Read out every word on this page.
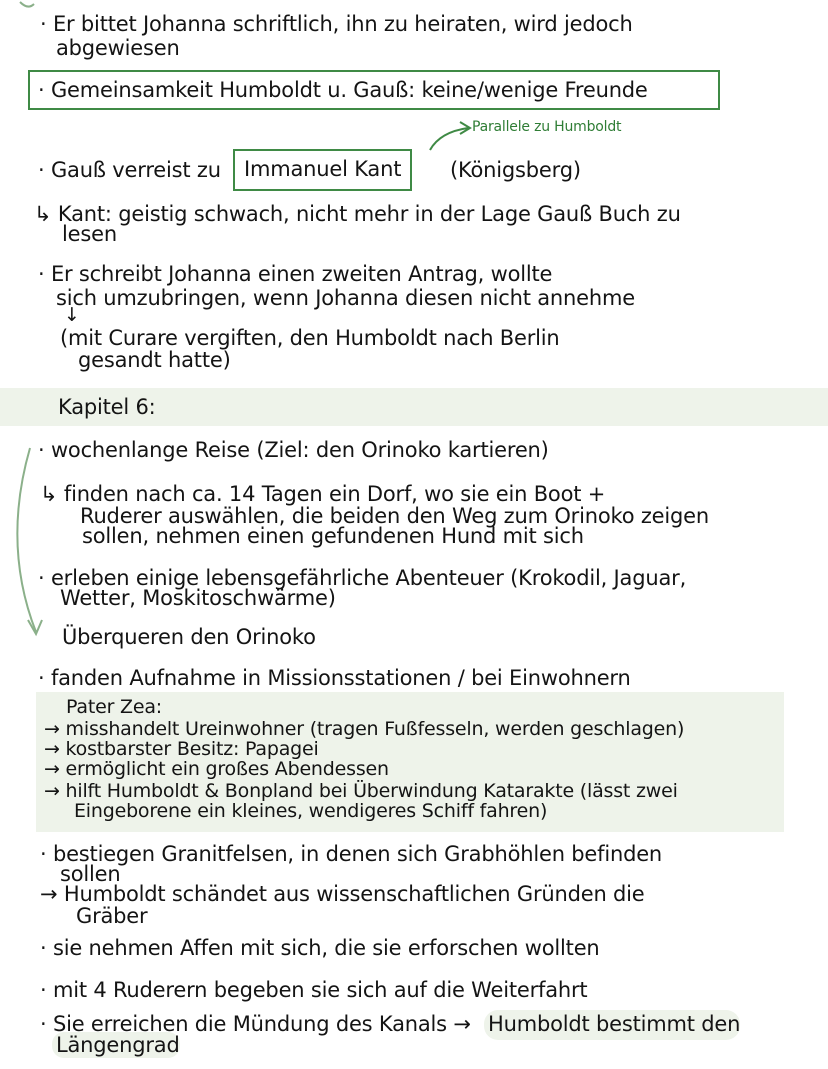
· Er bittet Johanna schriftlich, ihn zu heiraten, wird jedoch
abgewiesen
· Gemeinsamkeit Humboldt u. Gauß: keine/wenige Freunde
Parallele zu Humboldt
· Gauß verreist zu Immanuel Kant (Königsberg)
↳ Kant: geistig schwach, nicht mehr in der Lage Gauß Buch zu
lesen
· Er schreibt Johanna einen zweiten Antrag, wollte
sich umzubringen, wenn Johanna diesen nicht annehme
↓
(mit Curare vergiften, den Humboldt nach Berlin
gesandt hatte)
Kapitel 6:
· wochenlange Reise (Ziel: den Orinoko kartieren)
↳ finden nach ca. 14 Tagen ein Dorf, wo sie ein Boot +
Ruderer auswählen, die beiden den Weg zum Orinoko zeigen
sollen, nehmen einen gefundenen Hund mit sich
· erleben einige lebensgefährliche Abenteuer (Krokodil, Jaguar,
Wetter, Moskitoschwärme)
Überqueren den Orinoko
· fanden Aufnahme in Missionsstationen / bei Einwohnern
Pater Zea:
→ misshandelt Ureinwohner (tragen Fußfesseln, werden geschlagen)
→ kostbarster Besitz: Papagei
→ ermöglicht ein großes Abendessen
→ hilft Humboldt & Bonpland bei Überwindung Katarakte (lässt zwei
Eingeborene ein kleines, wendigeres Schiff fahren)
· bestiegen Granitfelsen, in denen sich Grabhöhlen befinden
sollen
→ Humboldt schändet aus wissenschaftlichen Gründen die
Gräber
· sie nehmen Affen mit sich, die sie erforschen wollten
· mit 4 Ruderern begeben sie sich auf die Weiterfahrt
· Sie erreichen die Mündung des Kanals → Humboldt bestimmt den
Längengrad
